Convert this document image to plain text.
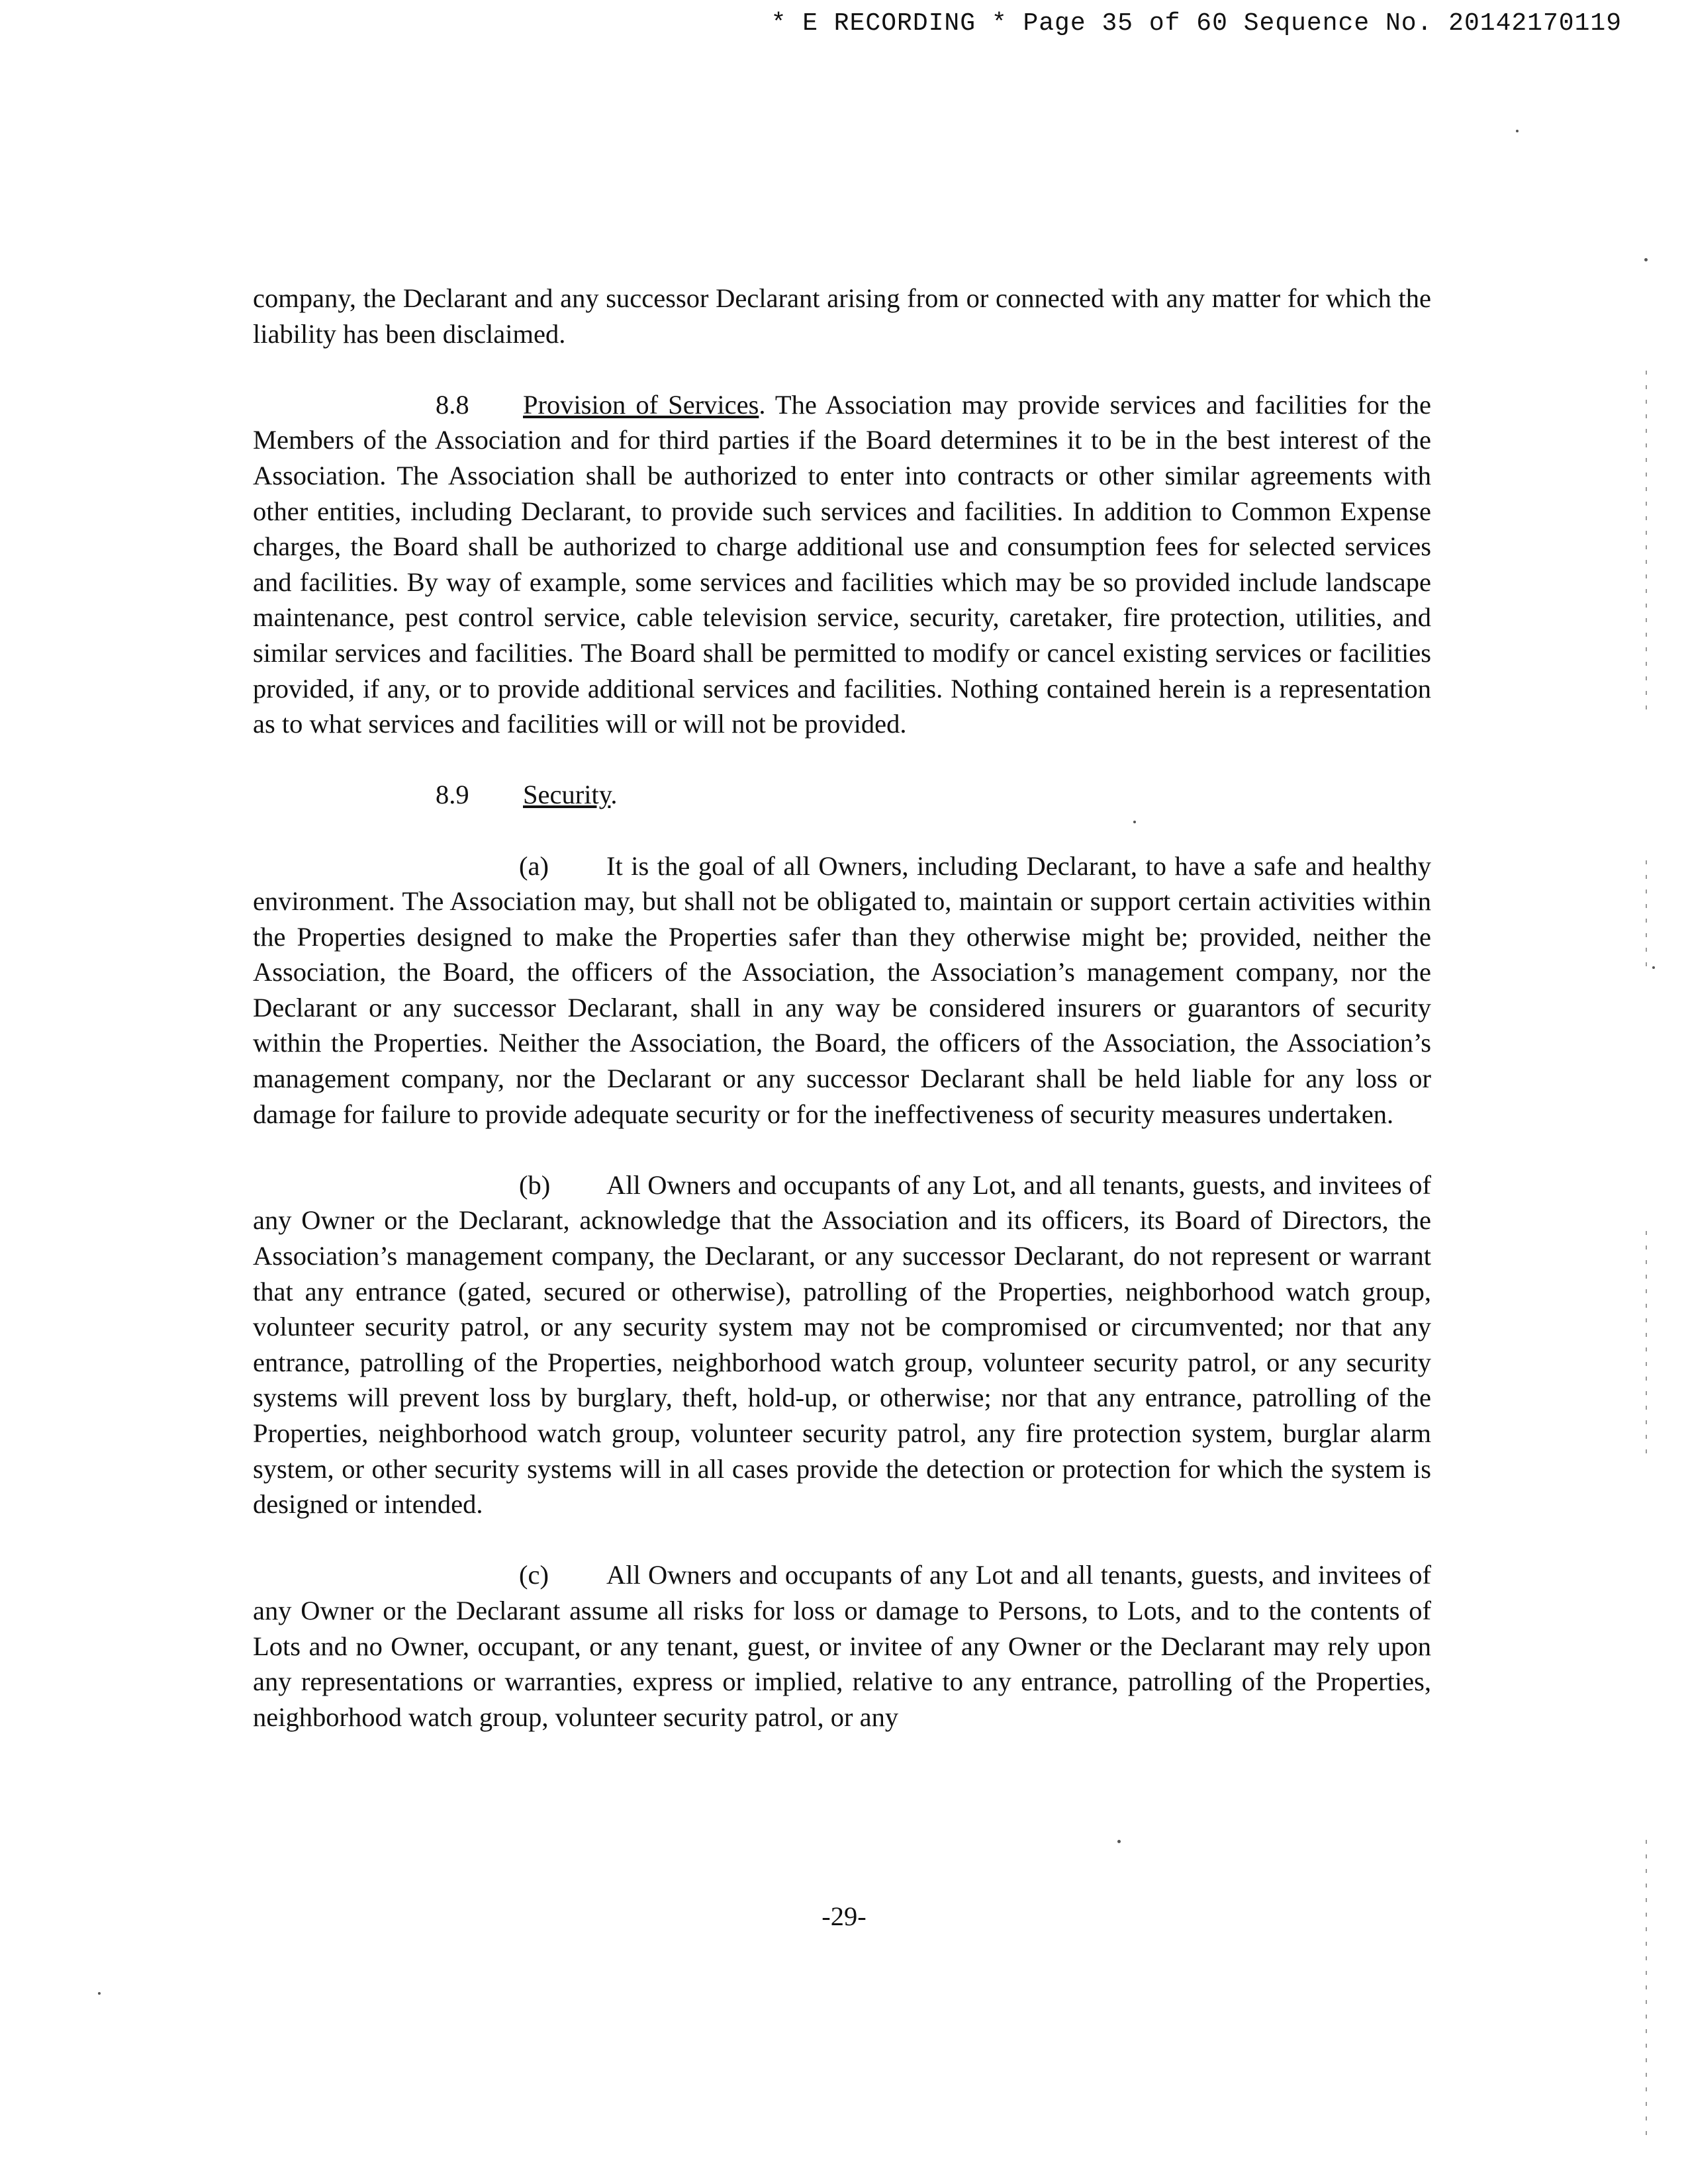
* E RECORDING * Page 35 of 60 Sequence No. 20142170119

company, the Declarant and any successor Declarant arising from or connected with any matter for which the liability has been disclaimed.

8.8 Provision of Services. The Association may provide services and facilities for the Members of the Association and for third parties if the Board determines it to be in the best interest of the Association. The Association shall be authorized to enter into contracts or other similar agreements with other entities, including Declarant, to provide such services and facilities. In addition to Common Expense charges, the Board shall be authorized to charge additional use and consumption fees for selected services and facilities. By way of example, some services and facilities which may be so provided include landscape maintenance, pest control service, cable television service, security, caretaker, fire protection, utilities, and similar services and facilities. The Board shall be permitted to modify or cancel existing services or facilities provided, if any, or to provide additional services and facilities. Nothing contained herein is a representation as to what services and facilities will or will not be provided.

8.9 Security.

(a) It is the goal of all Owners, including Declarant, to have a safe and healthy environment. The Association may, but shall not be obligated to, maintain or support certain activities within the Properties designed to make the Properties safer than they otherwise might be; provided, neither the Association, the Board, the officers of the Association, the Association’s management company, nor the Declarant or any successor Declarant, shall in any way be considered insurers or guarantors of security within the Properties. Neither the Association, the Board, the officers of the Association, the Association’s management company, nor the Declarant or any successor Declarant shall be held liable for any loss or damage for failure to provide adequate security or for the ineffectiveness of security measures undertaken.

(b) All Owners and occupants of any Lot, and all tenants, guests, and invitees of any Owner or the Declarant, acknowledge that the Association and its officers, its Board of Directors, the Association’s management company, the Declarant, or any successor Declarant, do not represent or warrant that any entrance (gated, secured or otherwise), patrolling of the Properties, neighborhood watch group, volunteer security patrol, or any security system may not be compromised or circumvented; nor that any entrance, patrolling of the Properties, neighborhood watch group, volunteer security patrol, or any security systems will prevent loss by burglary, theft, hold-up, or otherwise; nor that any entrance, patrolling of the Properties, neighborhood watch group, volunteer security patrol, any fire protection system, burglar alarm system, or other security systems will in all cases provide the detection or protection for which the system is designed or intended.

(c) All Owners and occupants of any Lot and all tenants, guests, and invitees of any Owner or the Declarant assume all risks for loss or damage to Persons, to Lots, and to the contents of Lots and no Owner, occupant, or any tenant, guest, or invitee of any Owner or the Declarant may rely upon any representations or warranties, express or implied, relative to any entrance, patrolling of the Properties, neighborhood watch group, volunteer security patrol, or any

-29-
